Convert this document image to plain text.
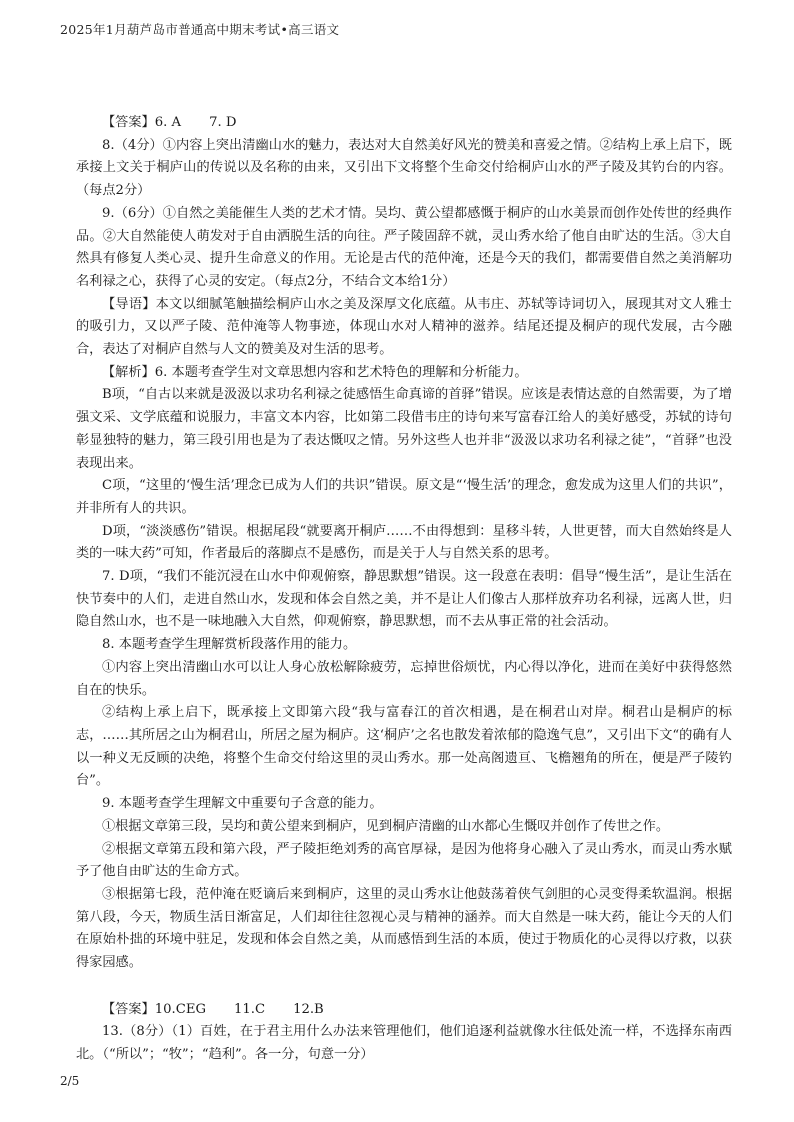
2025年1月葫芦岛市普通高中期末考试•高三语文

【答案】6. A 7. D

8.（4分）①内容上突出清幽山水的魅力，表达对大自然美好风光的赞美和喜爱之情。②结构上承上启下，既承接上文关于桐庐山的传说以及名称的由来，又引出下文将整个生命交付给桐庐山水的严子陵及其钓台的内容。（每点2分）

9.（6分）①自然之美能催生人类的艺术才情。吴均、黄公望都感慨于桐庐的山水美景而创作处传世的经典作品。②大自然能使人萌发对于自由洒脱生活的向往。严子陵固辞不就，灵山秀水给了他自由旷达的生活。③大自然具有修复人类心灵、提升生命意义的作用。无论是古代的范仲淹，还是今天的我们，都需要借自然之美消解功名利禄之心，获得了心灵的安定。（每点2分，不结合文本给1分）

【导语】本文以细腻笔触描绘桐庐山水之美及深厚文化底蕴。从韦庄、苏轼等诗词切入，展现其对文人雅士的吸引力，又以严子陵、范仲淹等人物事迹，体现山水对人精神的滋养。结尾还提及桐庐的现代发展，古今融合，表达了对桐庐自然与人文的赞美及对生活的思考。

【解析】6. 本题考查学生对文章思想内容和艺术特色的理解和分析能力。

B项，“自古以来就是汲汲以求功名利禄之徒感悟生命真谛的首驿”错误。应该是表情达意的自然需要，为了增强文采、文学底蕴和说服力，丰富文本内容，比如第二段借韦庄的诗句来写富春江给人的美好感受，苏轼的诗句彰显独特的魅力，第三段引用也是为了表达慨叹之情。另外这些人也并非“汲汲以求功名利禄之徒”，“首驿”也没表现出来。

C项，“这里的‘慢生活’理念已成为人们的共识”错误。原文是“‘慢生活’的理念，愈发成为这里人们的共识”，并非所有人的共识。

D项，“淡淡感伤”错误。根据尾段“就要离开桐庐……不由得想到：星移斗转，人世更替，而大自然始终是人类的一味大药”可知，作者最后的落脚点不是感伤，而是关于人与自然关系的思考。

7. D项，“我们不能沉浸在山水中仰观俯察，静思默想”错误。这一段意在表明：倡导“慢生活”，是让生活在快节奏中的人们，走进自然山水，发现和体会自然之美，并不是让人们像古人那样放弃功名利禄，远离人世，归隐自然山水，也不是一味地融入大自然，仰观俯察，静思默想，而不去从事正常的社会活动。

8. 本题考查学生理解赏析段落作用的能力。

①内容上突出清幽山水可以让人身心放松解除疲劳，忘掉世俗烦忧，内心得以净化，进而在美好中获得悠然自在的快乐。

②结构上承上启下，既承接上文即第六段“我与富春江的首次相遇，是在桐君山对岸。桐君山是桐庐的标志，……其所居之山为桐君山，所居之屋为桐庐。这‘桐庐’之名也散发着浓郁的隐逸气息”，又引出下文“的确有人以一种义无反顾的决绝，将整个生命交付给这里的灵山秀水。那一处高阁遗亘、飞檐翘角的所在，便是严子陵钓台”。

9. 本题考查学生理解文中重要句子含意的能力。

①根据文章第三段，吴均和黄公望来到桐庐，见到桐庐清幽的山水都心生慨叹并创作了传世之作。

②根据文章第五段和第六段，严子陵拒绝刘秀的高官厚禄，是因为他将身心融入了灵山秀水，而灵山秀水赋予了他自由旷达的生命方式。

③根据第七段，范仲淹在贬谪后来到桐庐，这里的灵山秀水让他鼓荡着侠气剑胆的心灵变得柔软温润。根据第八段，今天，物质生活日渐富足，人们却往往忽视心灵与精神的涵养。而大自然是一味大药，能让今天的人们在原始朴拙的环境中驻足，发现和体会自然之美，从而感悟到生活的本质，使过于物质化的心灵得以疗救，以获得家园感。

【答案】10.CEG 11.C 12.B

13.（8分）（1）百姓，在于君主用什么办法来管理他们，他们追逐利益就像水往低处流一样，不选择东南西北。（“所以”；“牧”；“趋利”。各一分，句意一分）

2/5
